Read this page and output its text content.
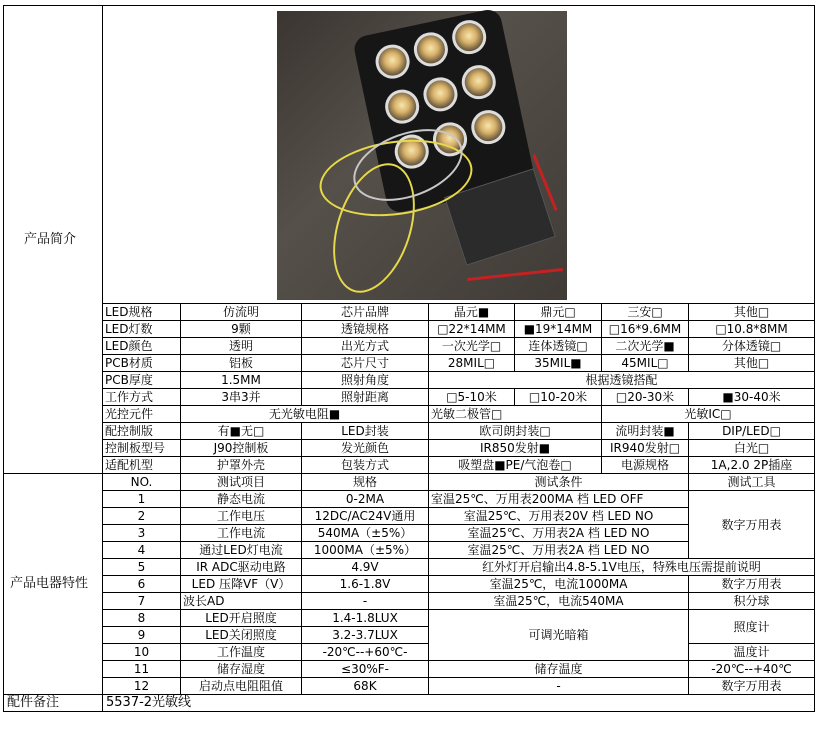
产品简介							

	LED规格	仿流明	芯片品牌	晶元■	鼎元□	三安□	其他□
	LED灯数	9颗	透镜规格	□22*14MM	■19*14MM	□16*9.6MM	□10.8*8MM
	LED颜色	透明	出光方式	一次光学□	连体透镜□	二次光学■	分体透镜□
	PCB材质	铝板	芯片尺寸	28MIL□	35MIL■	45MIL□	其他□
	PCB厚度	1.5MM	照射角度	根据透镜搭配			
	工作方式	3串3并	照射距离	□5-10米	□10-20米	□20-30米	■30-40米
	光控元件	无光敏电阻■		光敏二极管□		光敏IC□	
	配控制版	有■无□	LED封装	欧司朗封装□		流明封装■	DIP/LED□
	控制板型号	J90控制板	发光颜色	IR850发射■		IR940发射□	白光□
	适配机型	护罩外壳	包装方式	吸塑盘■PE/气泡卷□		电源规格	1A,2.0 2P插座
产品电器特性	NO.	测试项目	规格	测试条件			测试工具
	1	静态电流	0-2MA	室温25℃、万用表200MA 档 LED OFF			数字万用表
	2	工作电压	12DC/AC24V通用	室温25℃、万用表20V 档 LED NO			
	3	工作电流	540MA（±5%）	室温25℃、万用表2A 档 LED NO			
	4	通过LED灯电流	1000MA（±5%）	室温25℃、万用表2A 档 LED NO			
	5	IR ADC驱动电路	4.9V	红外灯开启输出4.8-5.1V电压，特殊电压需提前说明			
	6	LED 压降VF（V）	1.6-1.8V	室温25℃，电流1000MA			数字万用表
	7	波长AD	-	室温25℃，电流540MA			积分球
	8	LED开启照度	1.4-1.8LUX	可调光暗箱			照度计
	9	LED关闭照度	3.2-3.7LUX				
	10	工作温度	-20℃--+60℃-				温度计
	11	储存湿度	≤30%F-	储存温度			-20℃--+40℃
	12	启动点电阻阻值	68K	-			数字万用表
配件备注	5537-2光敏线						
